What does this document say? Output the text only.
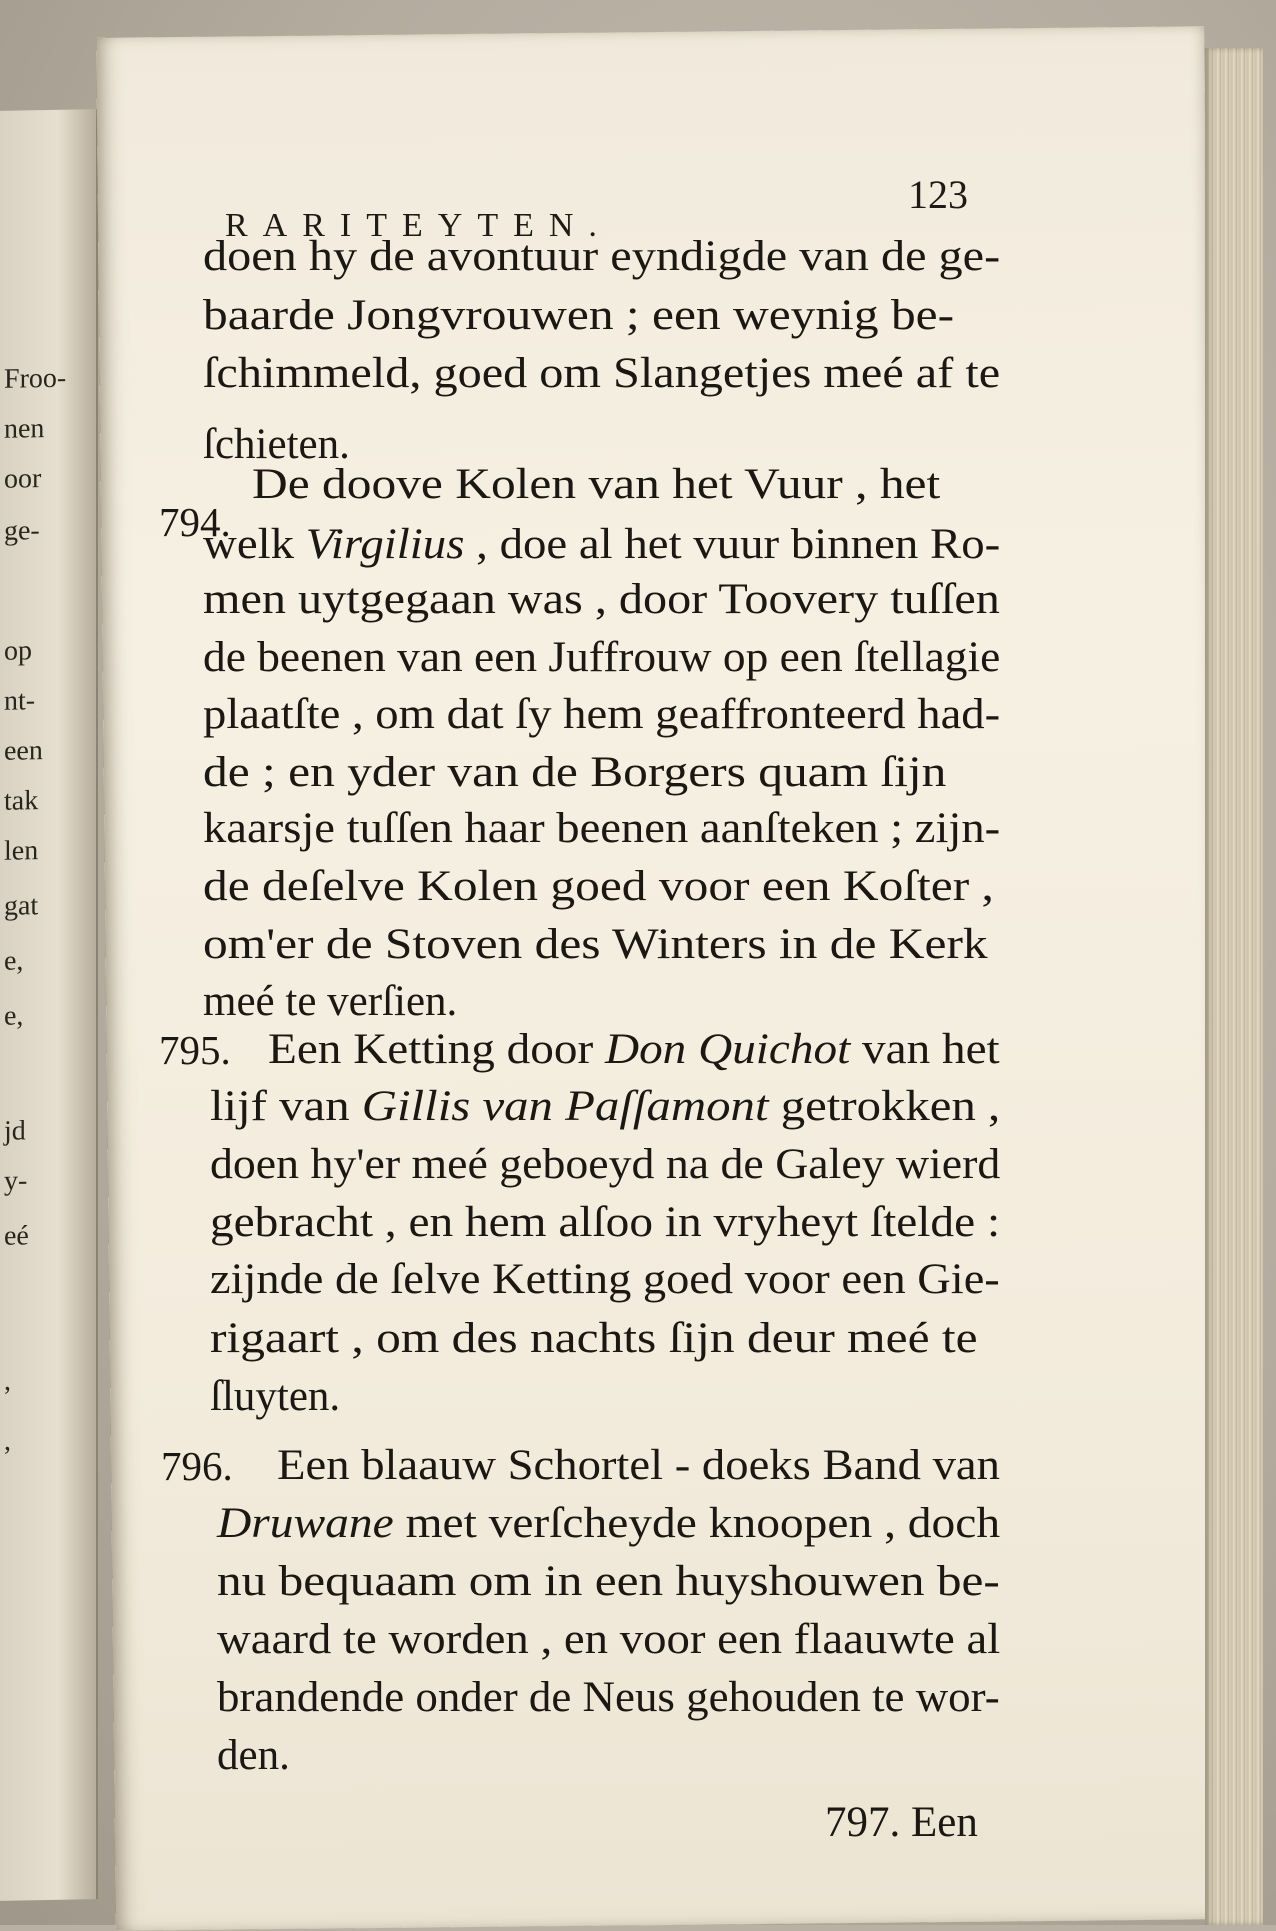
Froo-
nen
oor
ge-
op
nt-
een
tak
len
gat
e,
e,
jd
y-
eé
,
,
RARITEYTEN.
123
doen hy de avontuur eyndigde van de ge-
baarde Jongvrouwen ; een weynig be-
ſchimmeld, goed om Slangetjes meé af te
ſchieten.
794.
De doove Kolen van het Vuur , het
welk Virgilius , doe al het vuur binnen Ro-
men uytgegaan was , door Toovery tuſſen
de beenen van een Juffrouw op een ſtellagie
plaatſte , om dat ſy hem geaffronteerd had-
de ; en yder van de Borgers quam ſijn
kaarsje tuſſen haar beenen aanſteken ; zijn-
de deſelve Kolen goed voor een Koſter ,
om'er de Stoven des Winters in de Kerk
meé te verſien.
795. Een Ketting door Don Quichot van het
lijf van Gillis van Paſſamont getrokken ,
doen hy'er meé geboeyd na de Galey wierd
gebracht , en hem alſoo in vryheyt ſtelde :
zijnde de ſelve Ketting goed voor een Gie-
rigaart , om des nachts ſijn deur meé te
ſluyten.
796. Een blaauw Schortel - doeks Band van
Druwane met verſcheyde knoopen , doch
nu bequaam om in een huyshouwen be-
waard te worden , en voor een flaauwte al
brandende onder de Neus gehouden te wor-
den.
797. Een
